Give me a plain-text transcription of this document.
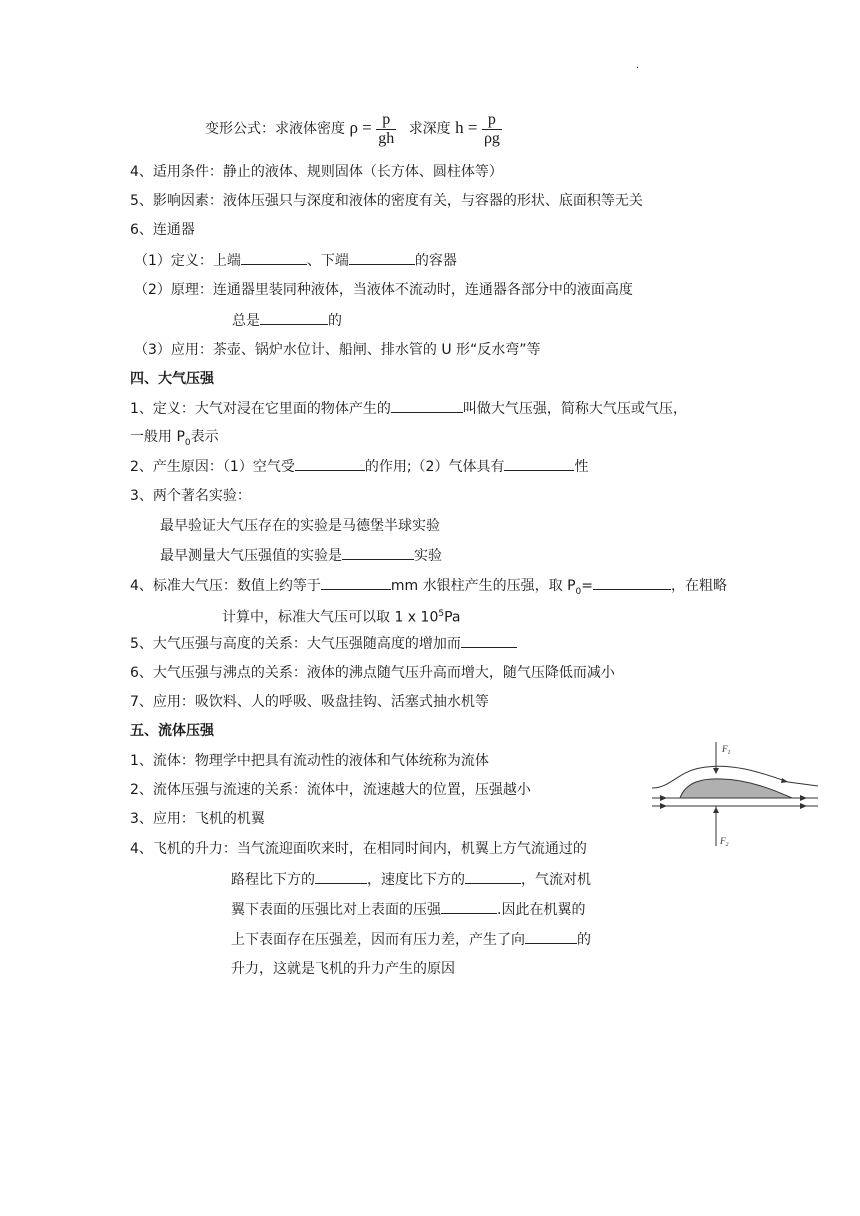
.
变形公式：求液体密度 $\rho = \frac{p}{gh}$ 求深度 $h = \frac{p}{\rho g}$
4、适用条件：静止的液体、规则固体（长方体、圆柱体等）
5、影响因素：液体压强只与深度和液体的密度有关，与容器的形状、底面积等无关
6、连通器
（1）定义：上端	、下端	的容器
（2）原理：连通器里装同种液体，当液体不流动时，连通器各部分中的液面高度
总是	的
（3）应用：茶壶、锅炉水位计、船闸、排水管的 U 形“反水弯”等
四、大气压强
1、定义：大气对浸在它里面的物体产生的	叫做大气压强，简称大气压或气压，
一般用 $P_0$表示
2、产生原因：（1）空气受	的作用;（2）气体具有	性
3、两个著名实验：
最早验证大气压存在的实验是马德堡半球实验
最早测量大气压强值的实验是	实验
4、标准大气压：数值上约等于	mm 水银柱产生的压强，取 $P_0=$	，在粗略
计算中，标准大气压可以取 1 x $10^5Pa$
5、大气压强与高度的关系：大气压强随高度的增加而
6、大气压强与沸点的关系：液体的沸点随气压升高而增大，随气压降低而减小
7、应用：吸饮料、人的呼吸、吸盘挂钩、活塞式抽水机等
五、流体压强
1、流体：物理学中把具有流动性的液体和气体统称为流体
2、流体压强与流速的关系：流体中，流速越大的位置，压强越小
3、应用：飞机的机翼
4、飞机的升力：当气流迎面吹来时，在相同时间内，机翼上方气流通过的
路程比下方的	，速度比下方的	，气流对机
翼下表面的压强比对上表面的压强	.因此在机翼的
上下表面存在压强差，因而有压力差，产生了向	的
升力，这就是飞机的升力产生的原因
$F_1$
$F_2$
